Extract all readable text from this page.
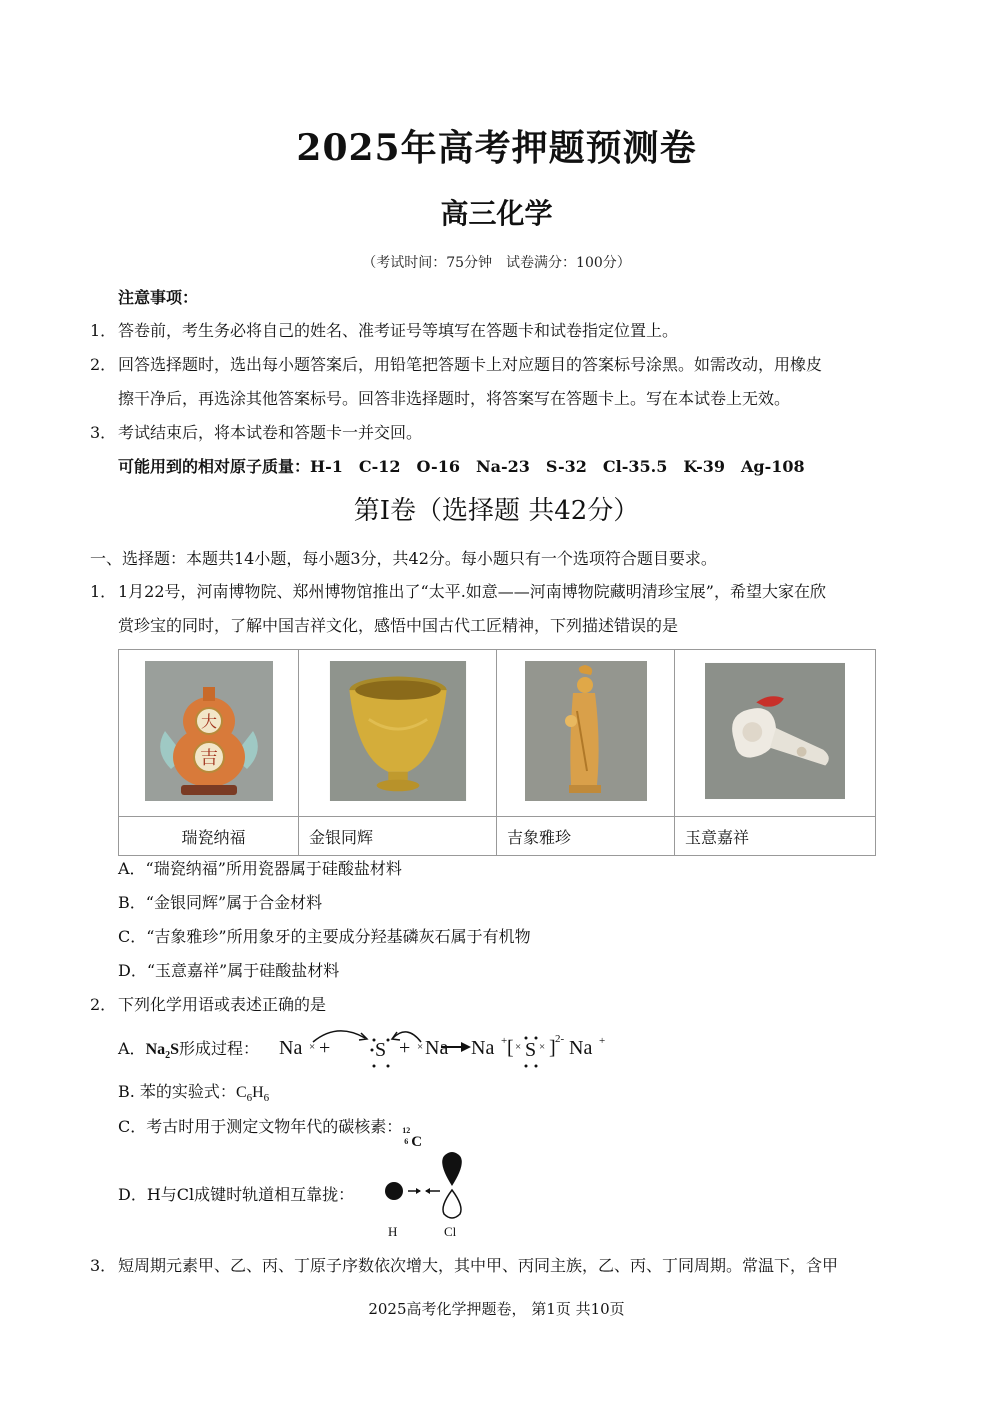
2025年高考押题预测卷
高三化学
（考试时间：75分钟　试卷满分：100分）
注意事项：
1． 答卷前，考生务必将自己的姓名、准考证号等填写在答题卡和试卷指定位置上。
2． 回答选择题时，选出每小题答案后，用铅笔把答题卡上对应题目的答案标号涂黑。如需改动，用橡皮
擦干净后，再选涂其他答案标号。回答非选择题时，将答案写在答题卡上。写在本试卷上无效。
3． 考试结束后，将本试卷和答题卡一并交回。
可能用到的相对原子质量：H-1　C-12　O-16　Na-23　S-32　Cl-35.5　K-39　Ag-108
第Ⅰ卷（选择题 共42分）
一、选择题：本题共14小题，每小题3分，共42分。每小题只有一个选项符合题目要求。
1． 1月22号，河南博物院、郑州博物馆推出了“太平.如意——河南博物院藏明清珍宝展”，希望大家在欣
赏珍宝的同时，了解中国吉祥文化，感悟中国古代工匠精神，下列描述错误的是
大
吉

瑞瓷纳福	金银同辉	吉象雅珍	玉意嘉祥
A．“瑞瓷纳福”所用瓷器属于硅酸盐材料
B．“金银同辉”属于合金材料
C．“吉象雅珍”所用象牙的主要成分羟基磷灰石属于有机物
D．“玉意嘉祥”属于硅酸盐材料
2． 下列化学用语或表述正确的是
A．$Na_2S$形成过程： Na × + S + × Na Na + [ × S × ] 2- Na +
B. 苯的实验式：$C_6H_6$
C．考古时用于测定文物年代的碳核素： 12
6 C
D．H与Cl成键时轨道相互靠拢：
H	Cl
3． 短周期元素甲、乙、丙、丁原子序数依次增大，其中甲、丙同主族，乙、丙、丁同周期。常温下，含甲
2025高考化学押题卷， 第1页 共10页
